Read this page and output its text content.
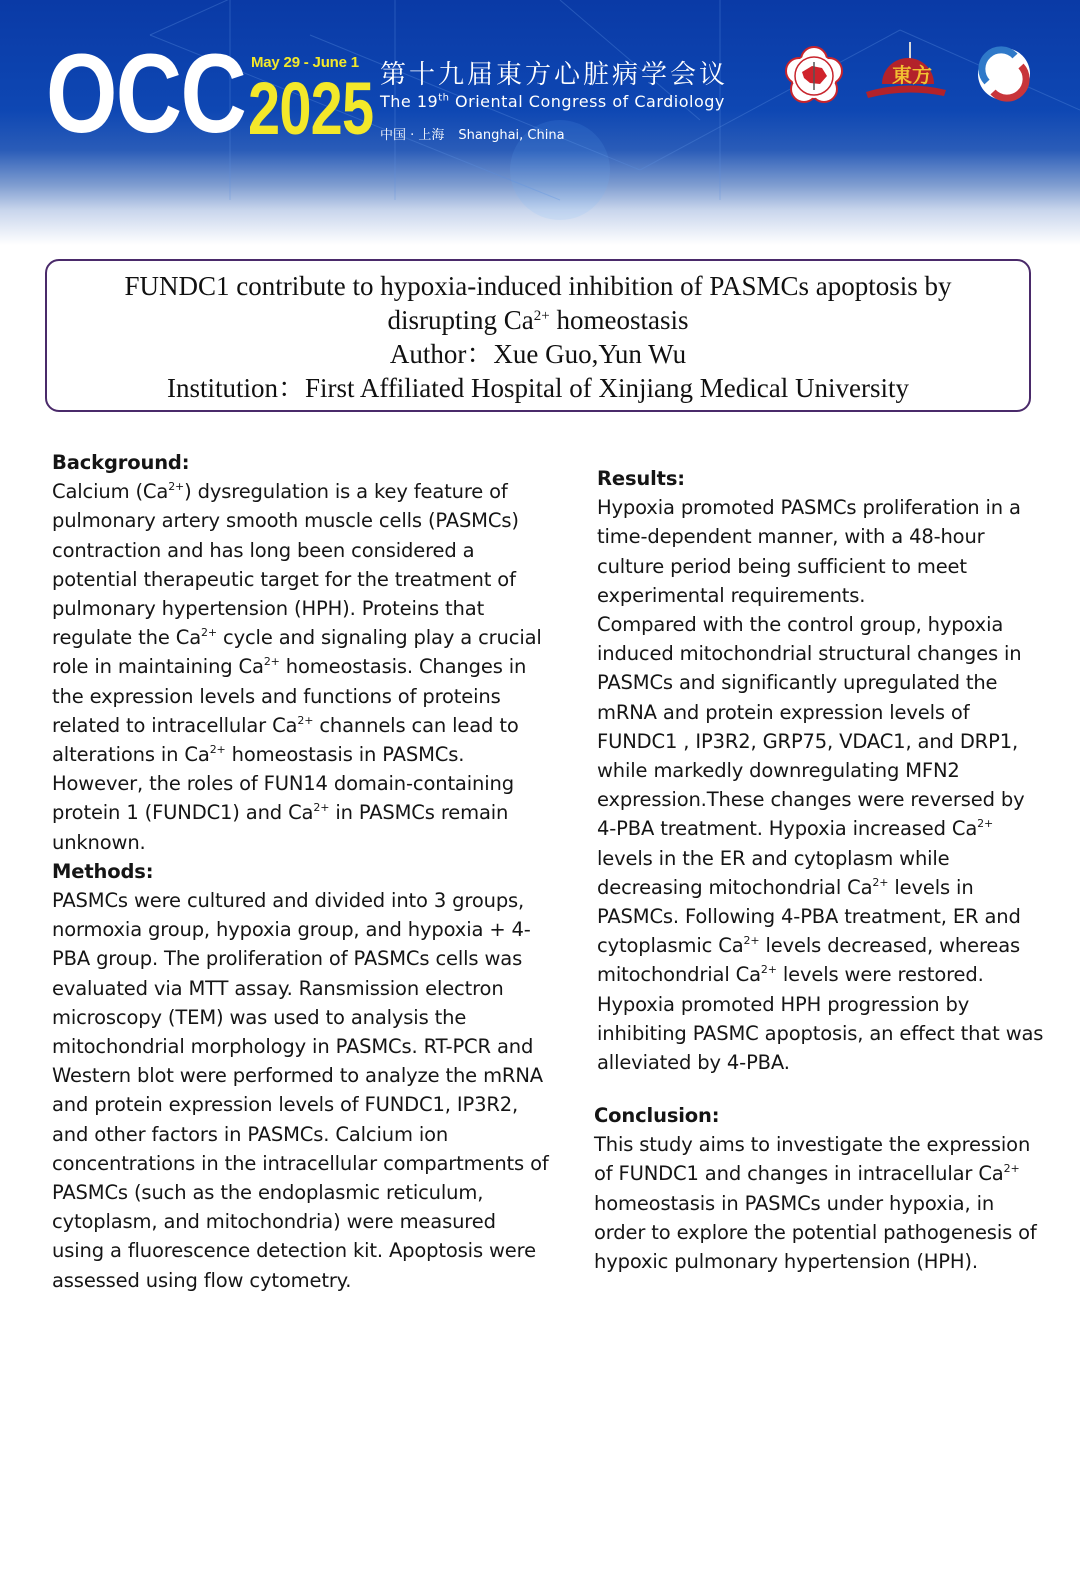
OCC May 29 - June 1
2025 第十九届東方心脏病学会议
The 19th Oriental Congress of Cardiology
中国 · 上海 Shanghai, China
東方
FUNDC1 contribute to hypoxia-induced inhibition of PASMCs apoptosis by
disrupting $Ca^{2+}$ homeostasis
Author：Xue Guo,Yun Wu
Institution：First Affiliated Hospital of Xinjiang Medical University
Background:
Calcium $(Ca^{2+})$ dysregulation is a key feature of pulmonary artery smooth muscle cells (PASMCs) contraction and has long been considered a potential therapeutic target for the treatment of pulmonary hypertension (HPH). Proteins that regulate the $Ca^{2+}$ cycle and signaling play a crucial role in maintaining $Ca^{2+}$ homeostasis. Changes in the expression levels and functions of proteins related to intracellular $Ca^{2+}$ channels can lead to alterations in $Ca^{2+}$ homeostasis in PASMCs. However, the roles of FUN14 domain-containing protein 1 (FUNDC1) and $Ca^{2+}$ in PASMCs remain unknown.
Methods:
PASMCs were cultured and divided into 3 groups, normoxia group, hypoxia group, and hypoxia + 4-PBA group. The proliferation of PASMCs cells was evaluated via MTT assay. Ransmission electron microscopy (TEM) was used to analysis the mitochondrial morphology in PASMCs. RT-PCR and Western blot were performed to analyze the mRNA and protein expression levels of FUNDC1, IP3R2, and other factors in PASMCs. Calcium ion concentrations in the intracellular compartments of PASMCs (such as the endoplasmic reticulum, cytoplasm, and mitochondria) were measured using a fluorescence detection kit. Apoptosis were assessed using flow cytometry.
Results:
Hypoxia promoted PASMCs proliferation in a time-dependent manner, with a 48-hour culture period being sufficient to meet experimental requirements.
Compared with the control group, hypoxia induced mitochondrial structural changes in PASMCs and significantly upregulated the mRNA and protein expression levels of FUNDC1 , IP3R2, GRP75, VDAC1, and DRP1, while markedly downregulating MFN2 expression.These changes were reversed by 4-PBA treatment. Hypoxia increased $Ca^{2+}$ levels in the ER and cytoplasm while decreasing mitochondrial $Ca^{2+}$ levels in PASMCs. Following 4-PBA treatment, ER and cytoplasmic $Ca^{2+}$ levels decreased, whereas mitochondrial $Ca^{2+}$ levels were restored.
Hypoxia promoted HPH progression by inhibiting PASMC apoptosis, an effect that was alleviated by 4-PBA.
Conclusion:
This study aims to investigate the expression of FUNDC1 and changes in intracellular $Ca^{2+}$ homeostasis in PASMCs under hypoxia, in order to explore the potential pathogenesis of hypoxic pulmonary hypertension (HPH).
